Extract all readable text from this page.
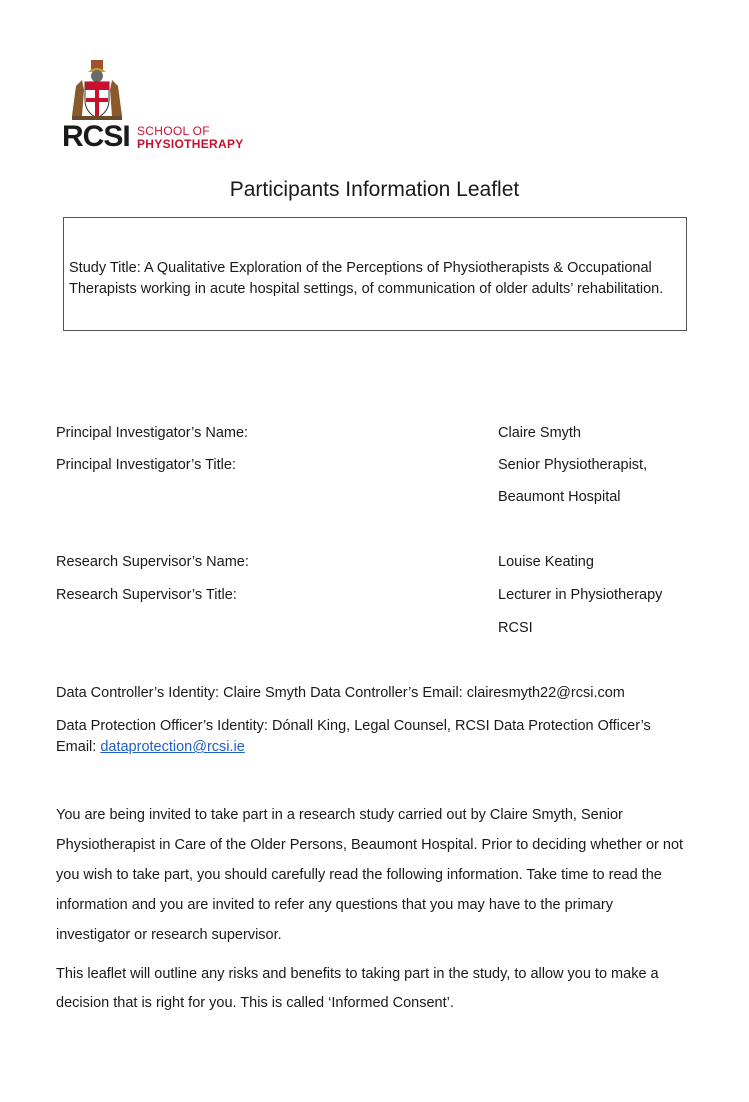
RCSI SCHOOL OF
PHYSIOTHERAPY
Participants Information Leaflet
Study Title: A Qualitative Exploration of the Perceptions of Physiotherapists & Occupational Therapists working in acute hospital settings, of communication of older adults’ rehabilitation.
Principal Investigator’s Name:	Claire Smyth
Principal Investigator’s Title:	Senior Physiotherapist,
Beaumont Hospital
Research Supervisor’s Name:	Louise Keating
Research Supervisor’s Title:	Lecturer in Physiotherapy
RCSI
Data Controller’s Identity: Claire Smyth Data Controller’s Email: clairesmyth22@rcsi.com
Data Protection Officer’s Identity: Dónall King, Legal Counsel, RCSI Data Protection Officer’s Email: dataprotection@rcsi.ie
You are being invited to take part in a research study carried out by Claire Smyth, Senior Physiotherapist in Care of the Older Persons, Beaumont Hospital. Prior to deciding whether or not you wish to take part, you should carefully read the following information. Take time to read the information and you are invited to refer any questions that you may have to the primary investigator or research supervisor.
This leaflet will outline any risks and benefits to taking part in the study, to allow you to make a decision that is right for you. This is called ‘Informed Consent’.
